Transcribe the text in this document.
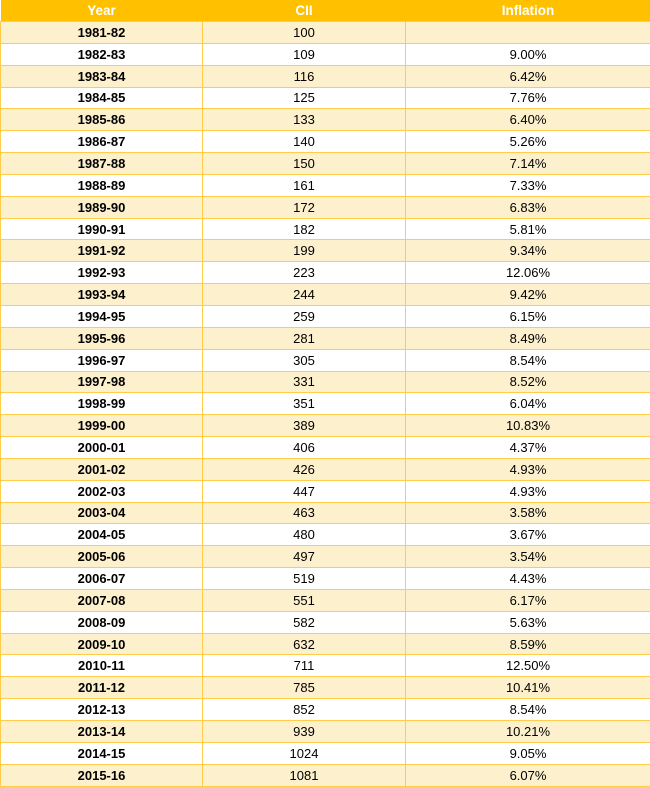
Year	CII	Inflation
1981-82	100	
1982-83	109	9.00%
1983-84	116	6.42%
1984-85	125	7.76%
1985-86	133	6.40%
1986-87	140	5.26%
1987-88	150	7.14%
1988-89	161	7.33%
1989-90	172	6.83%
1990-91	182	5.81%
1991-92	199	9.34%
1992-93	223	12.06%
1993-94	244	9.42%
1994-95	259	6.15%
1995-96	281	8.49%
1996-97	305	8.54%
1997-98	331	8.52%
1998-99	351	6.04%
1999-00	389	10.83%
2000-01	406	4.37%
2001-02	426	4.93%
2002-03	447	4.93%
2003-04	463	3.58%
2004-05	480	3.67%
2005-06	497	3.54%
2006-07	519	4.43%
2007-08	551	6.17%
2008-09	582	5.63%
2009-10	632	8.59%
2010-11	711	12.50%
2011-12	785	10.41%
2012-13	852	8.54%
2013-14	939	10.21%
2014-15	1024	9.05%
2015-16	1081	6.07%
